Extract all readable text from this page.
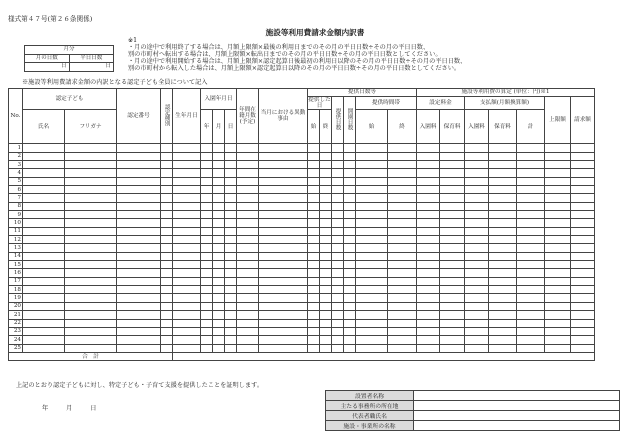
様式第４７号(第２６条関係)
施設等利用費請求金額内訳書
月分	
月の日数	平日日数
日	日
※1
・月の途中で利用終了する場合は、月額上限額×最後の利用日までのその月の平日日数÷その月の平日日数、
別の市町村へ転出する場合は、月額上限額×転出日までのその月の平日日数÷その月の平日日数としてください。
・月の途中で利用開始する場合は、月額上限額×認定起算日後最初の利用日以降のその月の平日日数÷その月の平日日数、
別の市町村から転入した場合は、月額上限額×認定起算日以降のその月の平日日数÷その月の平日日数としてください。
※施設等利用費請求金額の内訳となる認定子ども全員について記入
No.	認定子ども		認定番号	認定種別	生年月日	入園年月日			年間在籍月数(予定)	当月における異動事由	提供日数等						施設等利用費の算定 (単位：円)※1						
											提供した日		提供日数	開園日数	提供時間帯		設定料金		支払額(月額換算額)			上限額	請求額
	氏名	フリガナ				年	月	日			始	終			始	終	入園料	保育料	入園料	保育料	計		

1																							
2																							
3																							
4																							
5																							
6																							
7																							
8																							
9																							
10																							
11																							
12																							
13																							
14																							
15																							
16																							
17																							
18																							
19																							
20																							
21																							
22																							
23																							
24																							
25																							
合　計																							
上記のとおり認定子どもに対し、特定子ども・子育て支援を提供したことを証明します。
年	月	日
設置者名称	
主たる事務所の所在地	
代表者職氏名	
施設・事業所の名称	
